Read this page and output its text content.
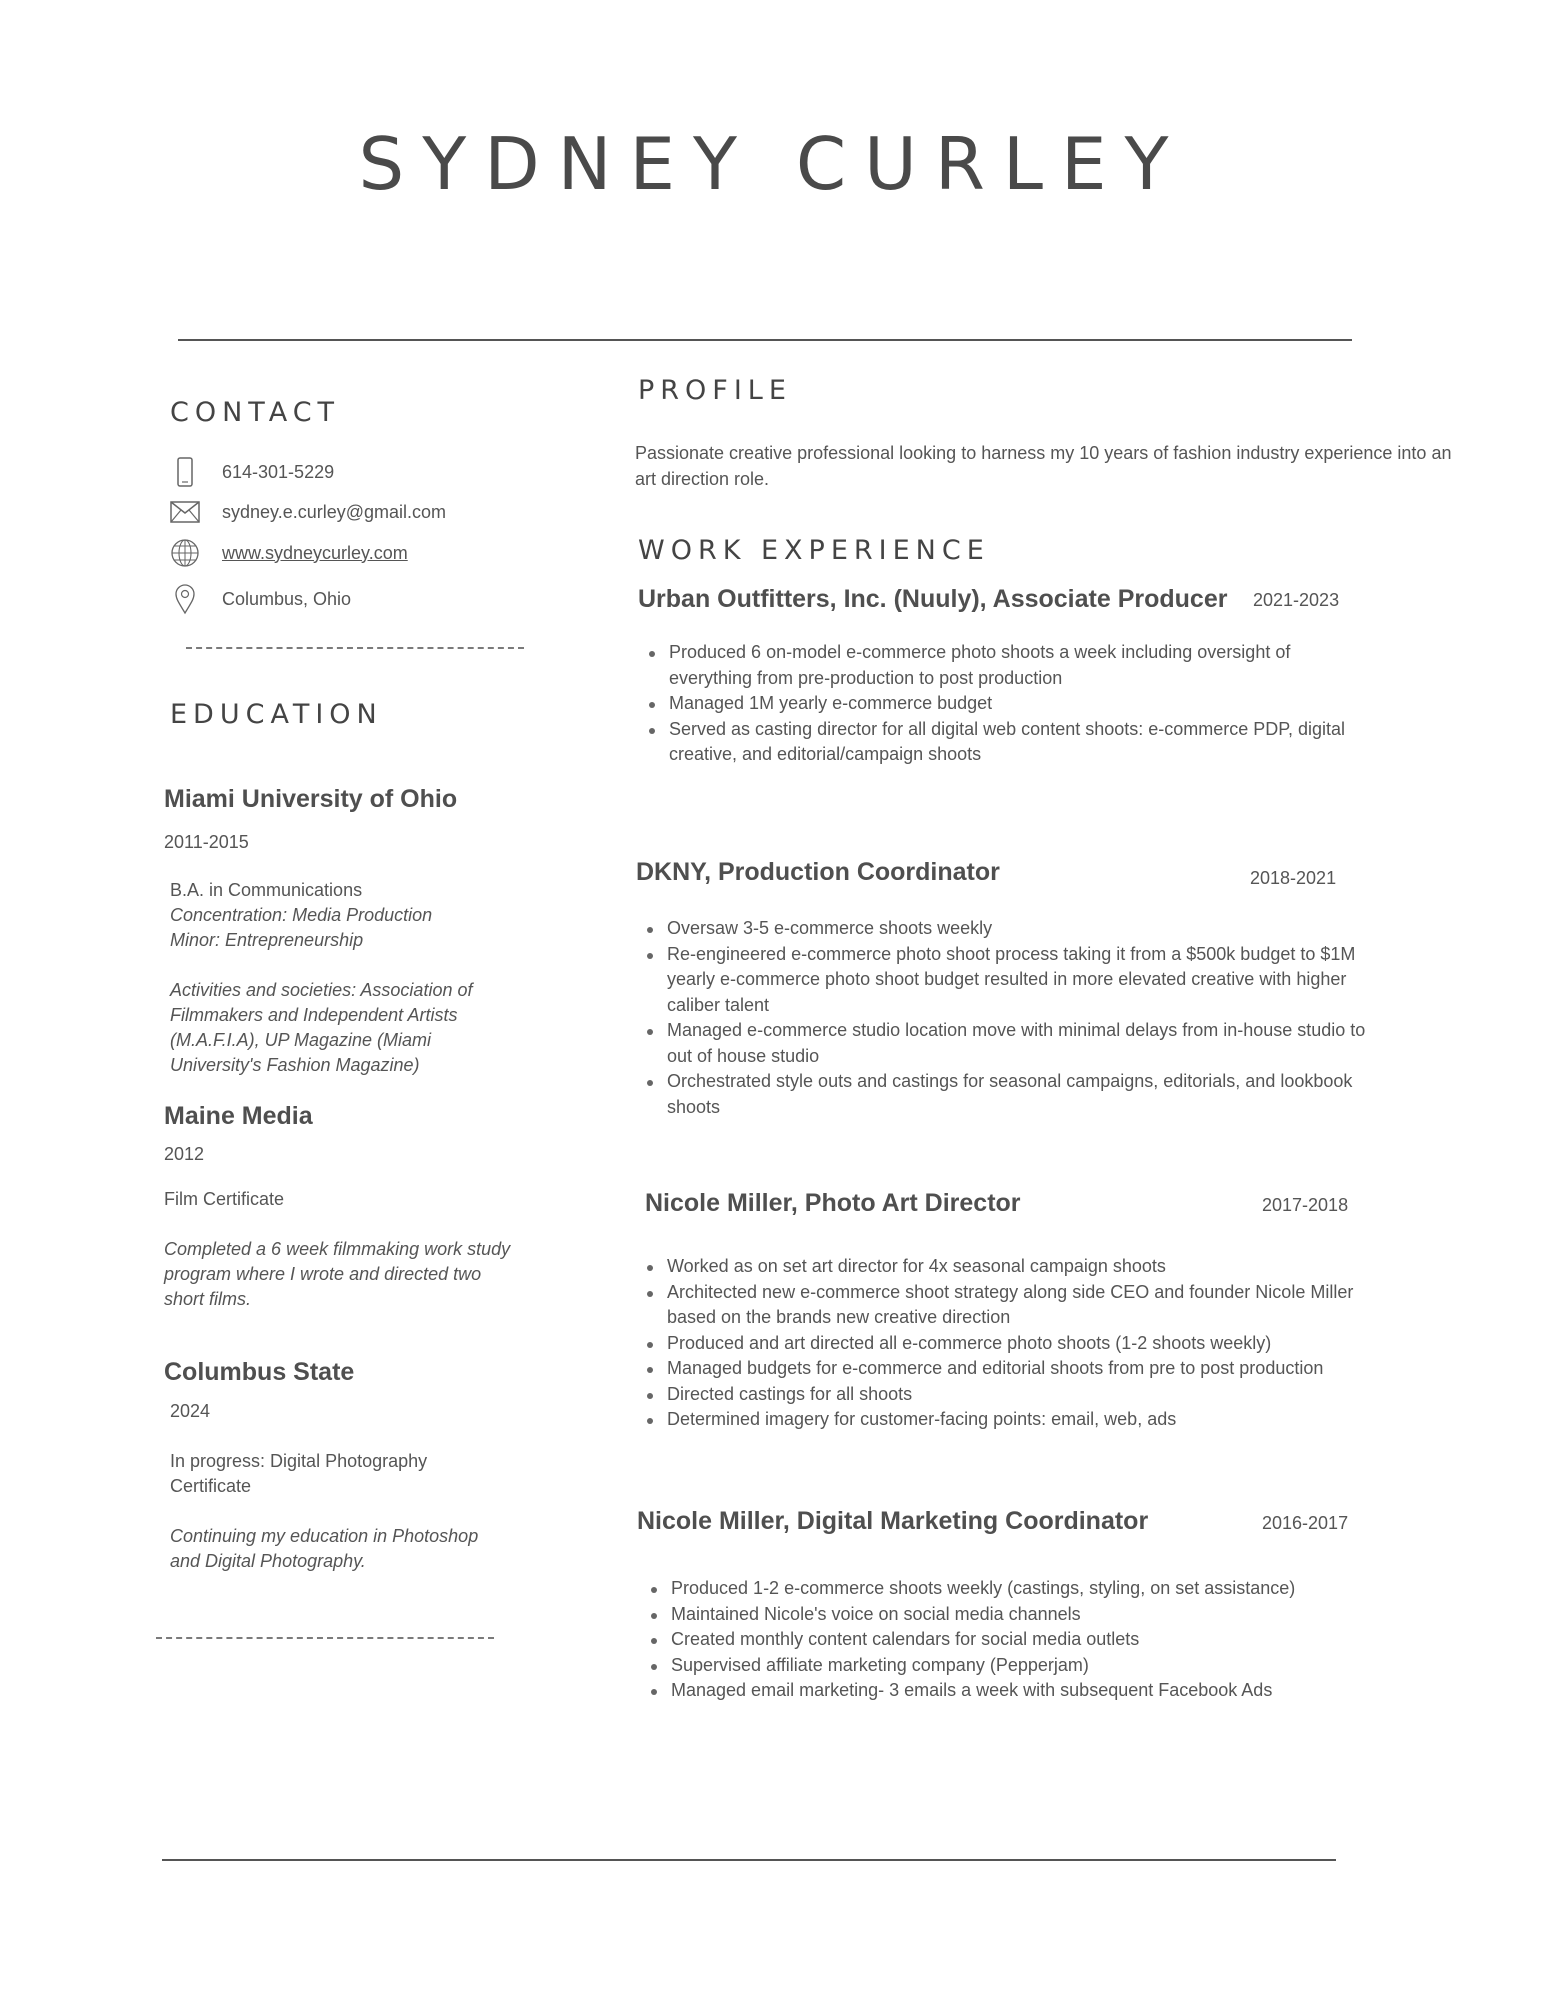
SYDNEY CURLEY
CONTACT
614-301-5229
sydney.e.curley@gmail.com
www.sydneycurley.com
Columbus, Ohio
EDUCATION
Miami University of Ohio
2011-2015
B.A. in Communications
Concentration: Media Production
Minor: Entrepreneurship
Activities and societies: Association of Filmmakers and Independent Artists (M.A.F.I.A), UP Magazine (Miami University's Fashion Magazine)
Maine Media
2012
Film Certificate
Completed a 6 week filmmaking work study program where I wrote and directed two short films.
Columbus State
2024
In progress: Digital Photography Certificate
Continuing my education in Photoshop and Digital Photography.
PROFILE
Passionate creative professional looking to harness my 10 years of fashion industry experience into an art direction role.
WORK EXPERIENCE
Urban Outfitters, Inc. (Nuuly), Associate Producer 2021-2023
Produced 6 on-model e-commerce photo shoots a week including oversight of everything from pre-production to post production
Managed 1M yearly e-commerce budget
Served as casting director for all digital web content shoots: e-commerce PDP, digital creative, and editorial/campaign shoots
DKNY, Production Coordinator	2018-2021
Oversaw 3-5 e-commerce shoots weekly
Re-engineered e-commerce photo shoot process taking it from a $500k budget to $1M yearly e-commerce photo shoot budget resulted in more elevated creative with higher caliber talent
Managed e-commerce studio location move with minimal delays from in-house studio to out of house studio
Orchestrated style outs and castings for seasonal campaigns, editorials, and lookbook shoots
Nicole Miller, Photo Art Director	2017-2018
Worked as on set art director for 4x seasonal campaign shoots
Architected new e-commerce shoot strategy along side CEO and founder Nicole Miller based on the brands new creative direction
Produced and art directed all e-commerce photo shoots (1-2 shoots weekly)
Managed budgets for e-commerce and editorial shoots from pre to post production
Directed castings for all shoots
Determined imagery for customer-facing points: email, web, ads
Nicole Miller, Digital Marketing Coordinator	2016-2017
Produced 1-2 e-commerce shoots weekly (castings, styling, on set assistance)
Maintained Nicole's voice on social media channels
Created monthly content calendars for social media outlets
Supervised affiliate marketing company (Pepperjam)
Managed email marketing- 3 emails a week with subsequent Facebook Ads
